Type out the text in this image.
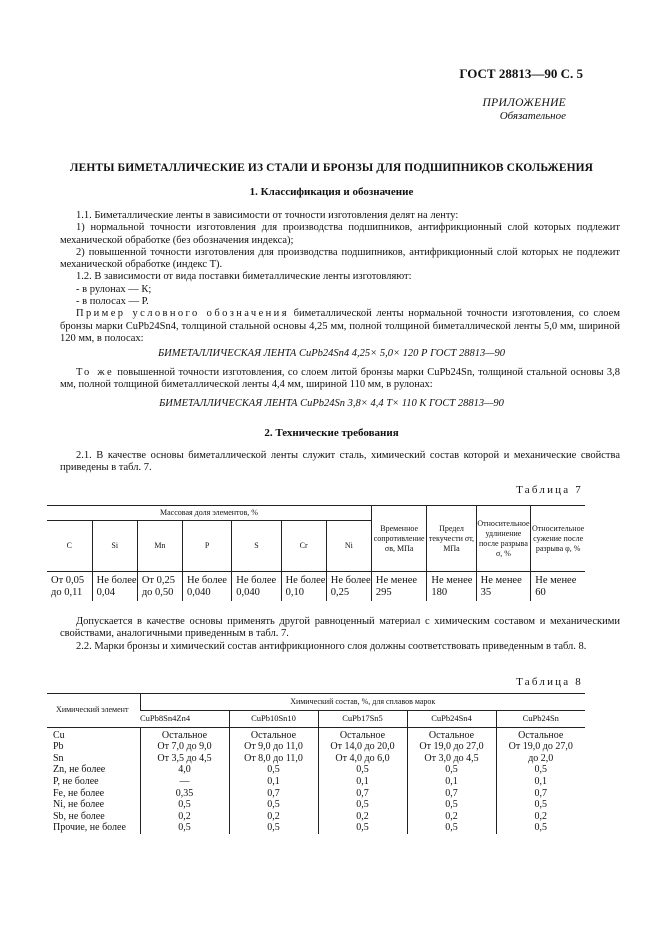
ГОСТ 28813—90 С. 5
ПРИЛОЖЕНИЕ
Обязательное
ЛЕНТЫ БИМЕТАЛЛИЧЕСКИЕ ИЗ СТАЛИ И БРОНЗЫ ДЛЯ ПОДШИПНИКОВ СКОЛЬЖЕНИЯ
1. Классификация и обозначение

1.1. Биметаллические ленты в зависимости от точности изготовления делят на ленту:

1) нормальной точности изготовления для производства подшипников, антифрикционный слой которых подлежит механической обработке (без обозначения индекса);

2) повышенной точности изготовления для производства подшипников, антифрикционный слой которых не подлежит механической обработке (индекс Т).

1.2. В зависимости от вида поставки биметаллические ленты изготовляют:

- в рулонах — К;

- в полосах — Р.

Пример условного обозначения биметаллической ленты нормальной точности изготовления, со слоем бронзы марки CuPb24Sn4, толщиной стальной основы 4,25 мм, полной толщиной биметаллической ленты 5,0 мм, шириной 120 мм, в полосах:

БИМЕТАЛЛИЧЕСКАЯ ЛЕНТА CuPb24Sn4 4,25× 5,0× 120 Р ГОСТ 28813—90

То же повышенной точности изготовления, со слоем литой бронзы марки CuPb24Sn, толщиной стальной основы 3,8 мм, полной толщиной биметаллической ленты 4,4 мм, шириной 110 мм, в рулонах:

БИМЕТАЛЛИЧЕСКАЯ ЛЕНТА CuPb24Sn 3,8× 4,4 Т× 110 К ГОСТ 28813—90
2. Технические требования

2.1. В качестве основы биметаллической ленты служит сталь, химический состав которой и механические свойства приведены в табл. 7.

Таблица 7
Массовая доля элементов, %							Временное сопротивление σв, МПа	Предел текучести σт, МПа	Относительное удлинение после разрыва σ, %	Относительное сужение после разрыва φ, %
С	Si	Mn	Р	S	Cr	Ni				
От 0,05 до 0,11	Не более 0,04	От 0,25 до 0,50	Не более 0,040	Не более 0,040	Не более 0,10	Не более 0,25	Не менее 295	Не менее 180	Не менее 35	Не менее 60

Допускается в качестве основы применять другой равноценный материал с химическим составом и механическими свойствами, аналогичными приведенным в табл. 7.

2.2. Марки бронзы и химический состав антифрикционного слоя должны соответствовать приведенным в табл. 8.

Таблица 8
Химический элемент	Химический состав, %, для сплавов марок				
	CuPb8Sn4Zn4	CuPb10Sn10	CuPb17Sn5	CuPb24Sn4	CuPb24Sn
Cu	Остальное	Остальное	Остальное	Остальное	Остальное
Pb	От 7,0 до 9,0	От 9,0 до 11,0	От 14,0 до 20,0	От 19,0 до 27,0	От 19,0 до 27,0
Sn	От 3,5 до 4,5	От 8,0 до 11,0	От 4,0 до 6,0	От 3,0 до 4,5	до 2,0
Zn, не более	4,0	0,5	0,5	0,5	0,5
P, не более	—	0,1	0,1	0,1	0,1
Fe, не более	0,35	0,7	0,7	0,7	0,7
Ni, не более	0,5	0,5	0,5	0,5	0,5
Sb, не более	0,2	0,2	0,2	0,2	0,2
Прочие, не более	0,5	0,5	0,5	0,5	0,5
